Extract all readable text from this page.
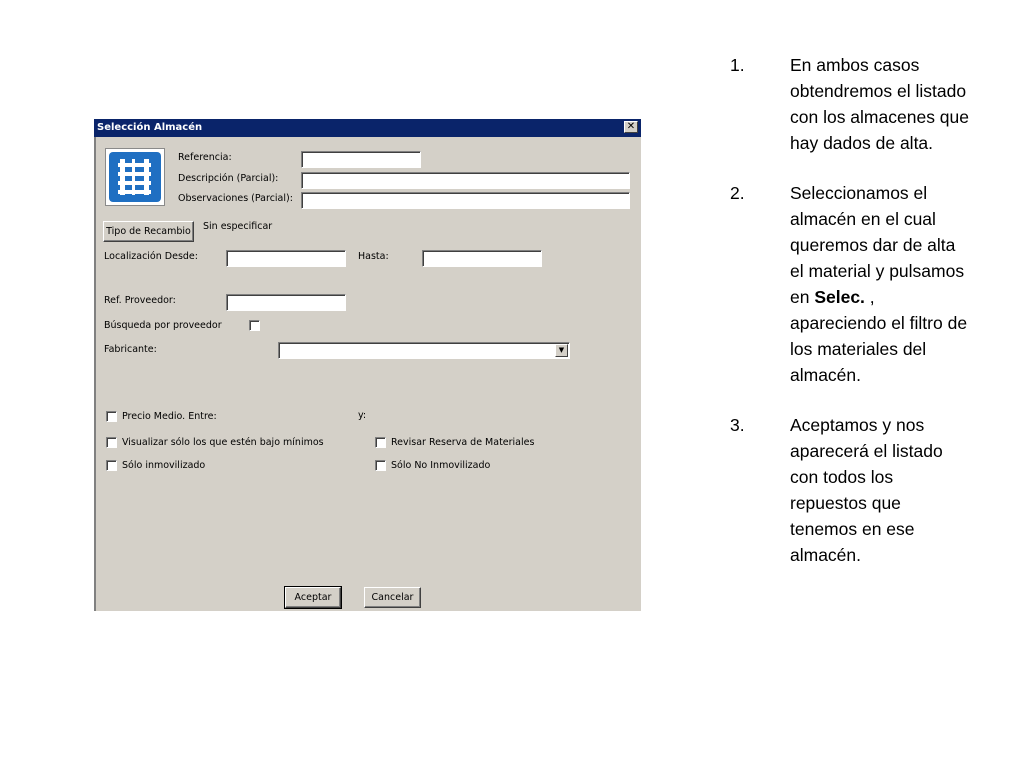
Selección Almacén	✕
Referencia:
Descripción (Parcial):
Observaciones (Parcial):
Tipo de Recambio	Sin especificar
Localización Desde:	Hasta:
Ref. Proveedor:
Búsqueda por proveedor
Fabricante:	▼
Precio Medio. Entre:	y:
Visualizar sólo los que estén bajo mínimos	Revisar Reserva de Materiales
Sólo inmovilizado	Sólo No Inmovilizado
Aceptar	Cancelar
1.	En ambos casos obtendremos el listado con los almacenes que hay dados de alta.
2.	Seleccionamos el almacén en el cual queremos dar de alta el material y pulsamos en Selec. , apareciendo el filtro de los materiales del almacén.
3.	Aceptamos y nos aparecerá el listado con todos los repuestos que tenemos en ese almacén.
